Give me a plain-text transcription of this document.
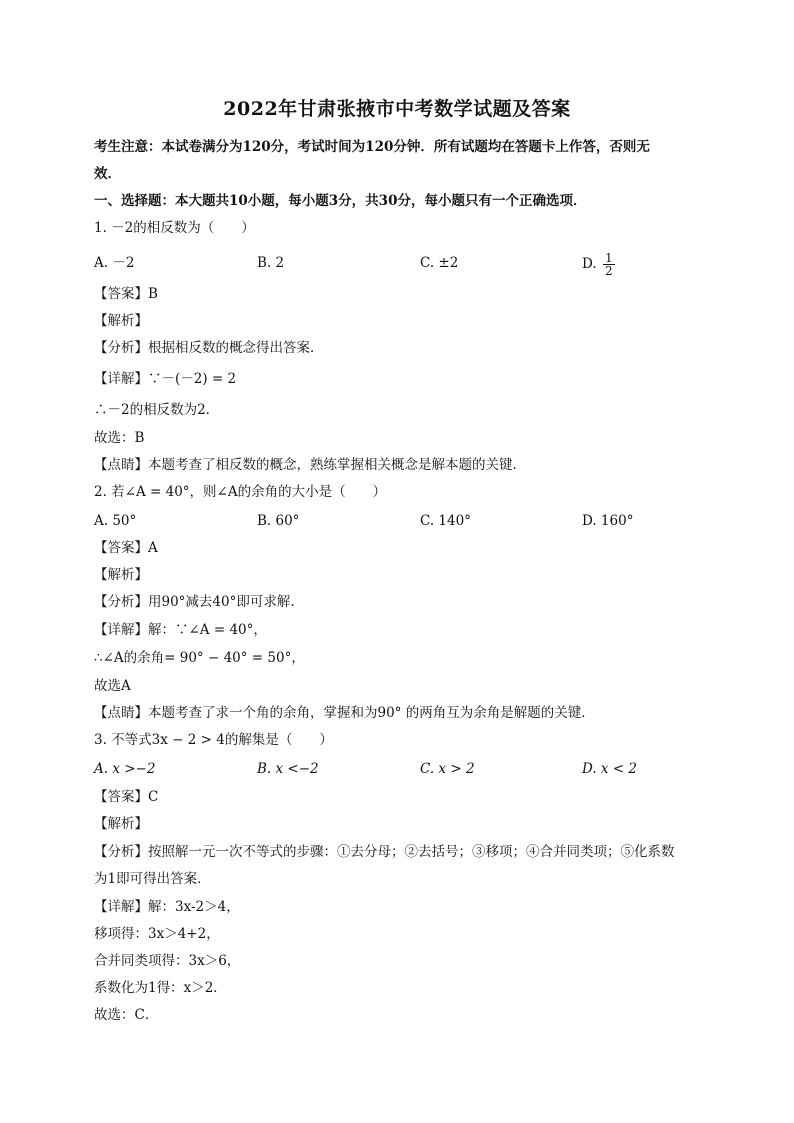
2022年甘肃张掖市中考数学试题及答案
考生注意：本试卷满分为120分，考试时间为120分钟．所有试题均在答题卡上作答，否则无
效．
一、选择题：本大题共10小题，每小题3分，共30分，每小题只有一个正确选项．
1. －2的相反数为（　　）
A. －2	B. 2	C. ±2	D. $\frac{1}{2}$
【答案】B
【解析】
【分析】根据相反数的概念得出答案．
【详解】∵－(－2) = 2
∴－2的相反数为2．
故选：B
【点睛】本题考查了相反数的概念，熟练掌握相关概念是解本题的关键．
2. 若∠A = 40°，则∠A的余角的大小是（　　）
A. 50°	B. 60°	C. 140°	D. 160°
【答案】A
【解析】
【分析】用90°减去40°即可求解.
【详解】解：∵∠A = 40°，
∴∠A的余角= 90° − 40° = 50°，
故选A
【点睛】本题考查了求一个角的余角，掌握和为90° 的两角互为余角是解题的关键．
3. 不等式3x − 2 > 4的解集是（　　）
A. x >−2	B. x <−2	C. x > 2	D. x < 2
【答案】C
【解析】
【分析】按照解一元一次不等式的步骤：①去分母；②去括号；③移项；④合并同类项；⑤化系数
为1即可得出答案．
【详解】解：3x-2＞4，
移项得：3x＞4+2，
合并同类项得：3x＞6，
系数化为1得：x＞2．
故选：C．
